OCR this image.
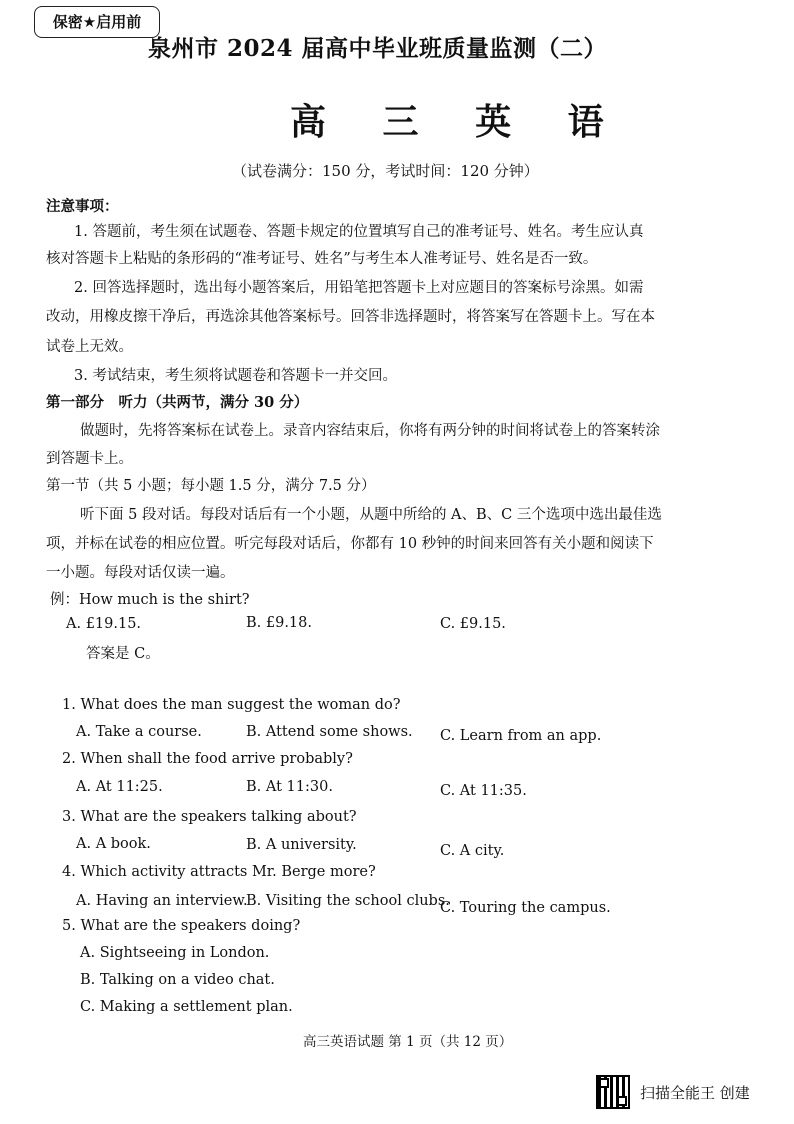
保密★启用前
泉州市 2024 届高中毕业班质量监测（二）
高 三 英 语
（试卷满分：150 分，考试时间：120 分钟）
注意事项：
1. 答题前，考生须在试题卷、答题卡规定的位置填写自己的准考证号、姓名。考生应认真
核对答题卡上粘贴的条形码的“准考证号、姓名”与考生本人准考证号、姓名是否一致。
2. 回答选择题时，选出每小题答案后，用铅笔把答题卡上对应题目的答案标号涂黑。如需
改动，用橡皮擦干净后，再选涂其他答案标号。回答非选择题时，将答案写在答题卡上。写在本
试卷上无效。
3. 考试结束，考生须将试题卷和答题卡一并交回。
第一部分　听力（共两节，满分 30 分）
做题时，先将答案标在试卷上。录音内容结束后，你将有两分钟的时间将试卷上的答案转涂
到答题卡上。
第一节（共 5 小题；每小题 1.5 分，满分 7.5 分）
听下面 5 段对话。每段对话后有一个小题，从题中所给的 A、B、C 三个选项中选出最佳选
项，并标在试卷的相应位置。听完每段对话后，你都有 10 秒钟的时间来回答有关小题和阅读下
一小题。每段对话仅读一遍。
例：How much is the shirt?
A. £19.15.	B. £9.18.	C. £9.15.
答案是 C。
1. What does the man suggest the woman do?
A. Take a course.	B. Attend some shows. C. Learn from an app.
2. When shall the food arrive probably?
A. At 11:25.	B. At 11:30.	C. At 11:35.
3. What are the speakers talking about?
A. A book.	B. A university.	C. A city.
4. Which activity attracts Mr. Berge more?
A. Having an interview.
B. Visiting the school clubs.
C. Touring the campus.
5. What are the speakers doing?
A. Sightseeing in London.
B. Talking on a video chat.
C. Making a settlement plan.
高三英语试题 第 1 页（共 12 页）
扫描全能王 创建
